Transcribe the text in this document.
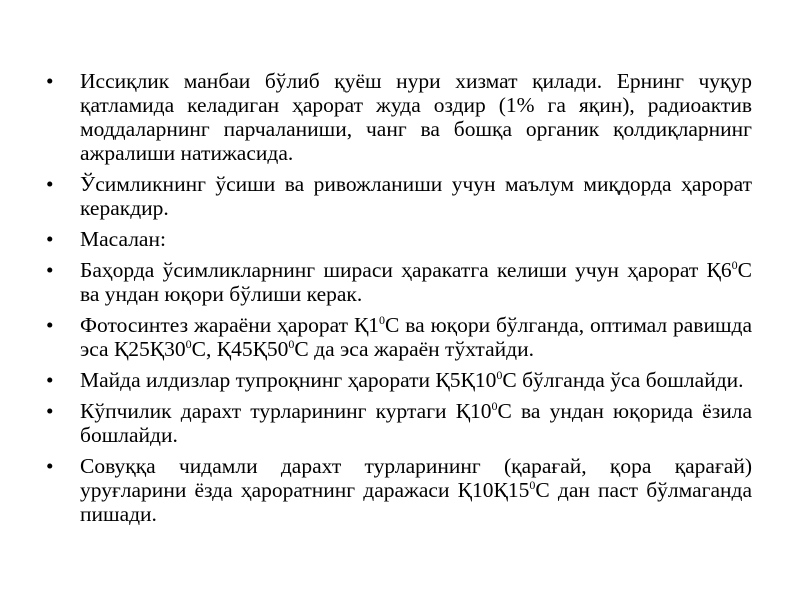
• Иссиқлик манбаи бўлиб қуёш нури хизмат қилади. Ернинг чуқур қатламида келадиган ҳарорат жуда оздир (1% га яқин), радиоактив моддаларнинг парчаланиши, чанг ва бошқа органик қолдиқларнинг ажралиши натижасида.
• Ўсимликнинг ўсиши ва ривожланиши учун маълум миқдорда ҳарорат керакдир.
• Масалан:
• Баҳорда ўсимликларнинг шираси ҳаракатга келиши учун ҳарорат $Қ6^0С$ ва ундан юқори бўлиши керак.
• Фотосинтез жараёни ҳарорат $Қ1^0С$ ва юқори бўлганда, оптимал равишда эса $Қ25Қ30^0С$, $Қ45Қ50^0С$ да эса жараён тўхтайди.
• Майда илдизлар тупроқнинг ҳарорати $Қ5Қ10^0С$ бўлганда ўса бошлайди.
• Кўпчилик дарахт турларининг куртаги $Қ10^0С$ ва ундан юқорида ёзила бошлайди.
• Совуққа чидамли дарахт турларининг (қарағай, қора қарағай) уруғларини ёзда ҳароратнинг даражаси $Қ10Қ15^0С$ дан паст бўлмаганда пишади.
